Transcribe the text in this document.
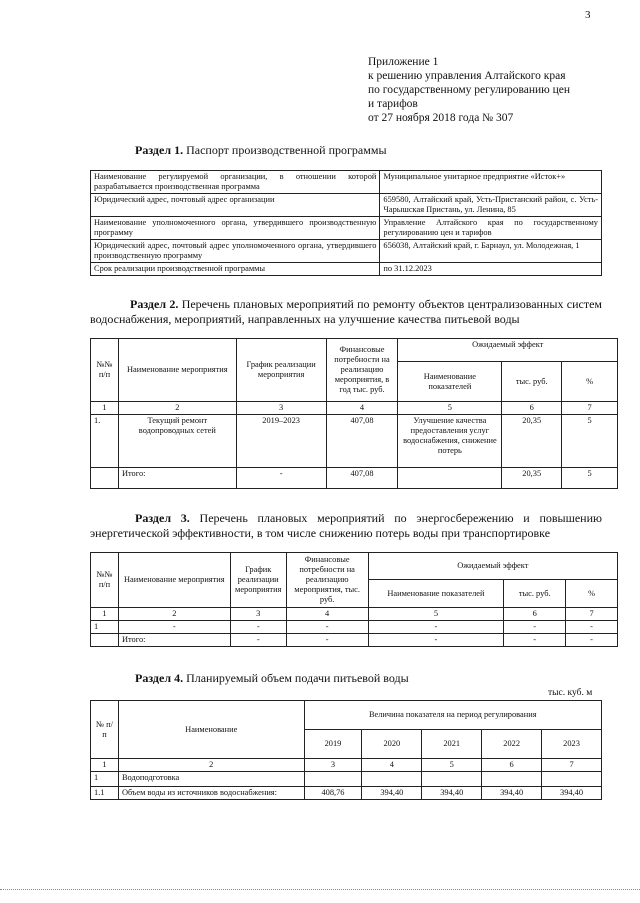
3
Приложение 1
к решению управления Алтайского края
по государственному регулированию цен
и тарифов
от 27 ноября 2018 года № 307
Раздел 1. Паспорт производственной программы
Наименование регулируемой организации, в отношении которой разрабатывается производственная программа	Муниципальное унитарное предприятие «Исток+»
Юридический адрес, почтовый адрес организации	659580, Алтайский край, Усть-Пристанский район, с. Усть-Чарышская Пристань, ул. Ленина, 85
Наименование уполномоченного органа, утвердившего производственную программу	Управление Алтайского края по государственному регулированию цен и тарифов
Юридический адрес, почтовый адрес уполномоченного органа, утвердившего производственную программу	656038, Алтайский край, г. Барнаул, ул. Молодежная, 1
Срок реализации производственной программы	по 31.12.2023
Раздел 2. Перечень плановых мероприятий по ремонту объектов централизованных систем водоснабжения, мероприятий, направленных на улучшение качества питьевой воды
№№ п/п	Наименование мероприятия	График реализации мероприятия	Финансовые потребности на реализацию мероприятия, в год тыс. руб.	Ожидаемый эффект		
				Наименование показателей	тыс. руб.	%
1	2	3	4	5	6	7
1.	Текущий ремонт водопроводных сетей	2019–2023	407,08	Улучшение качества предоставления услуг водоснабжения, снижение потерь	20,35	5
	Итого:	-	407,08		20,35	5
Раздел 3. Перечень плановых мероприятий по энергосбережению и повышению энергетической эффективности, в том числе снижению потерь воды при транспортировке
№№ п/п	Наименование мероприятия	График реализации мероприятия	Финансовые потребности на реализацию мероприятия, тыс. руб.	Ожидаемый эффект		
				Наименование показателей	тыс. руб.	%
1	2	3	4	5	6	7
1	-	-	-	-	-	-
	Итого:	-	-	-	-	-
Раздел 4. Планируемый объем подачи питьевой воды
тыс. куб. м
№ п/п	Наименование	Величина показателя на период регулирования				
		2019	2020	2021	2022	2023
1	2	3	4	5	6	7
1	Водоподготовка					
1.1	Объем воды из источников водоснабжения:	408,76	394,40	394,40	394,40	394,40
